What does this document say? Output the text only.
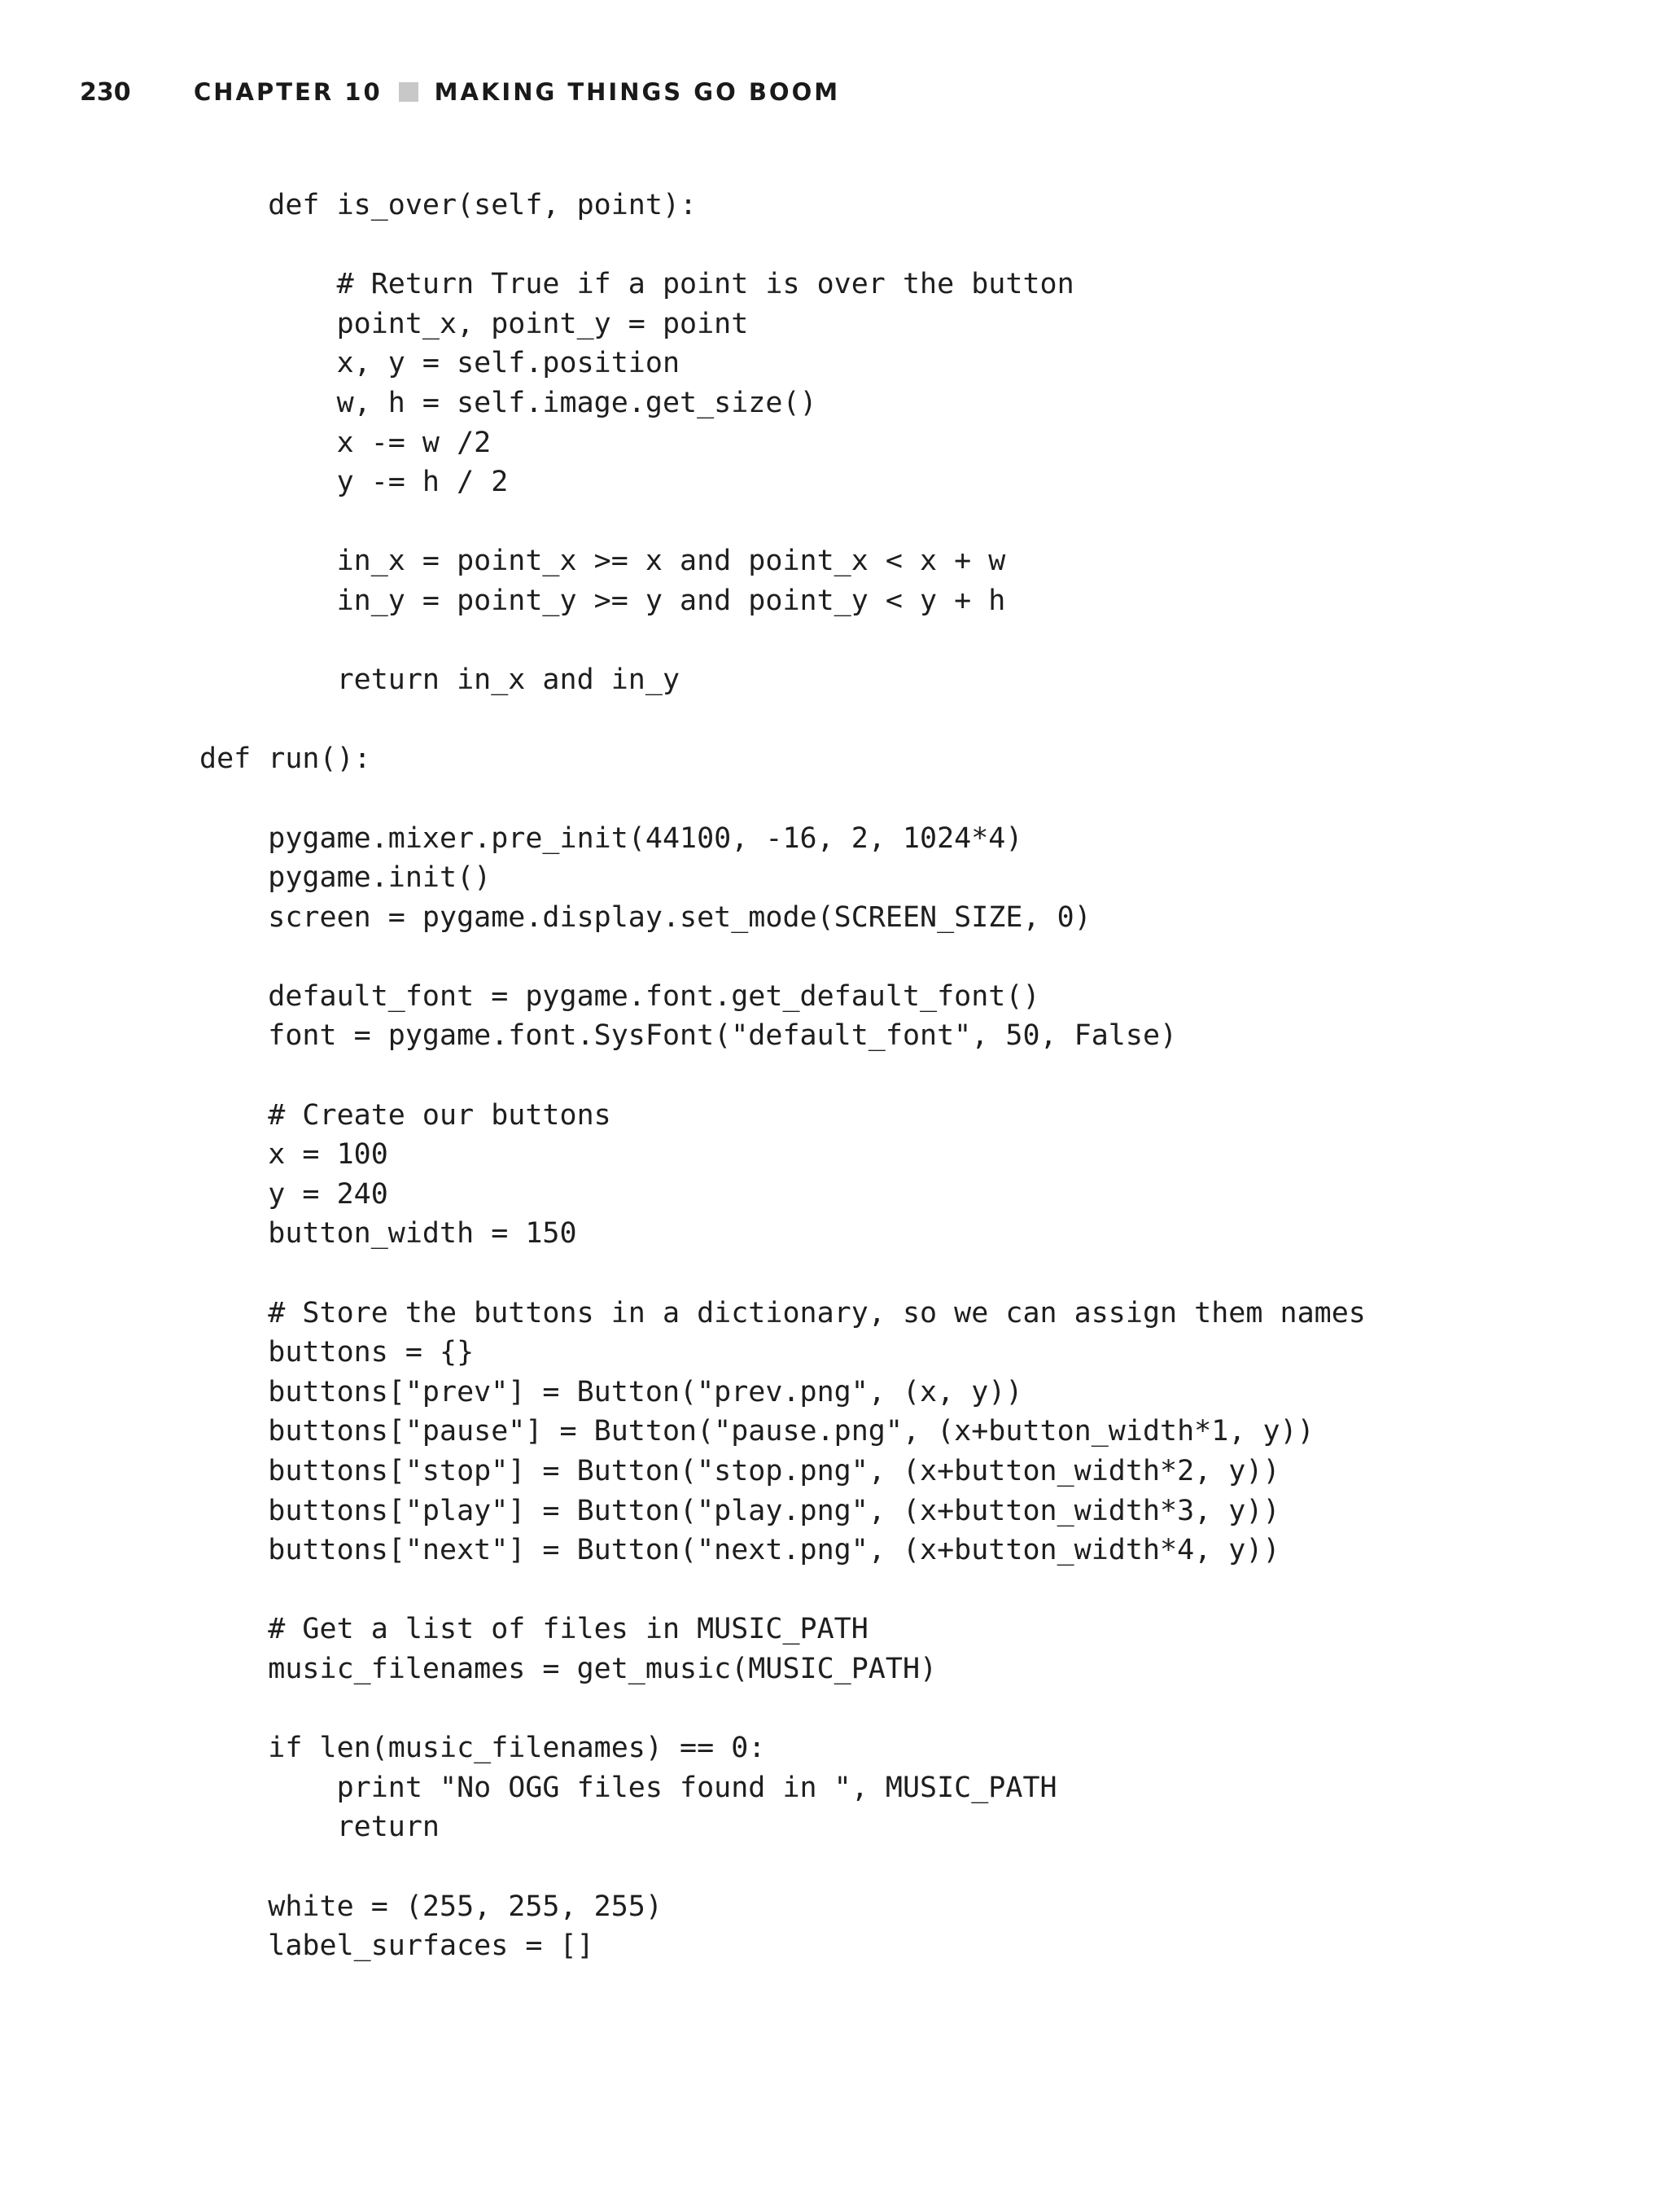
230	CHAPTER 10 MAKING THINGS GO BOOM
def is_over(self, point):
# Return True if a point is over the button
point_x, point_y = point
x, y = self.position
w, h = self.image.get_size()
x -= w /2
y -= h / 2
in_x = point_x >= x and point_x < x + w
in_y = point_y >= y and point_y < y + h
return in_x and in_y
def run():
pygame.mixer.pre_init(44100, -16, 2, 1024*4)
pygame.init()
screen = pygame.display.set_mode(SCREEN_SIZE, 0)
default_font = pygame.font.get_default_font()
font = pygame.font.SysFont("default_font", 50, False)
# Create our buttons
x = 100
y = 240
button_width = 150
# Store the buttons in a dictionary, so we can assign them names
buttons = {}
buttons["prev"] = Button("prev.png", (x, y))
buttons["pause"] = Button("pause.png", (x+button_width*1, y))
buttons["stop"] = Button("stop.png", (x+button_width*2, y))
buttons["play"] = Button("play.png", (x+button_width*3, y))
buttons["next"] = Button("next.png", (x+button_width*4, y))
# Get a list of files in MUSIC_PATH
music_filenames = get_music(MUSIC_PATH)
if len(music_filenames) == 0:
print "No OGG files found in ", MUSIC_PATH
return
white = (255, 255, 255)
label_surfaces = []
